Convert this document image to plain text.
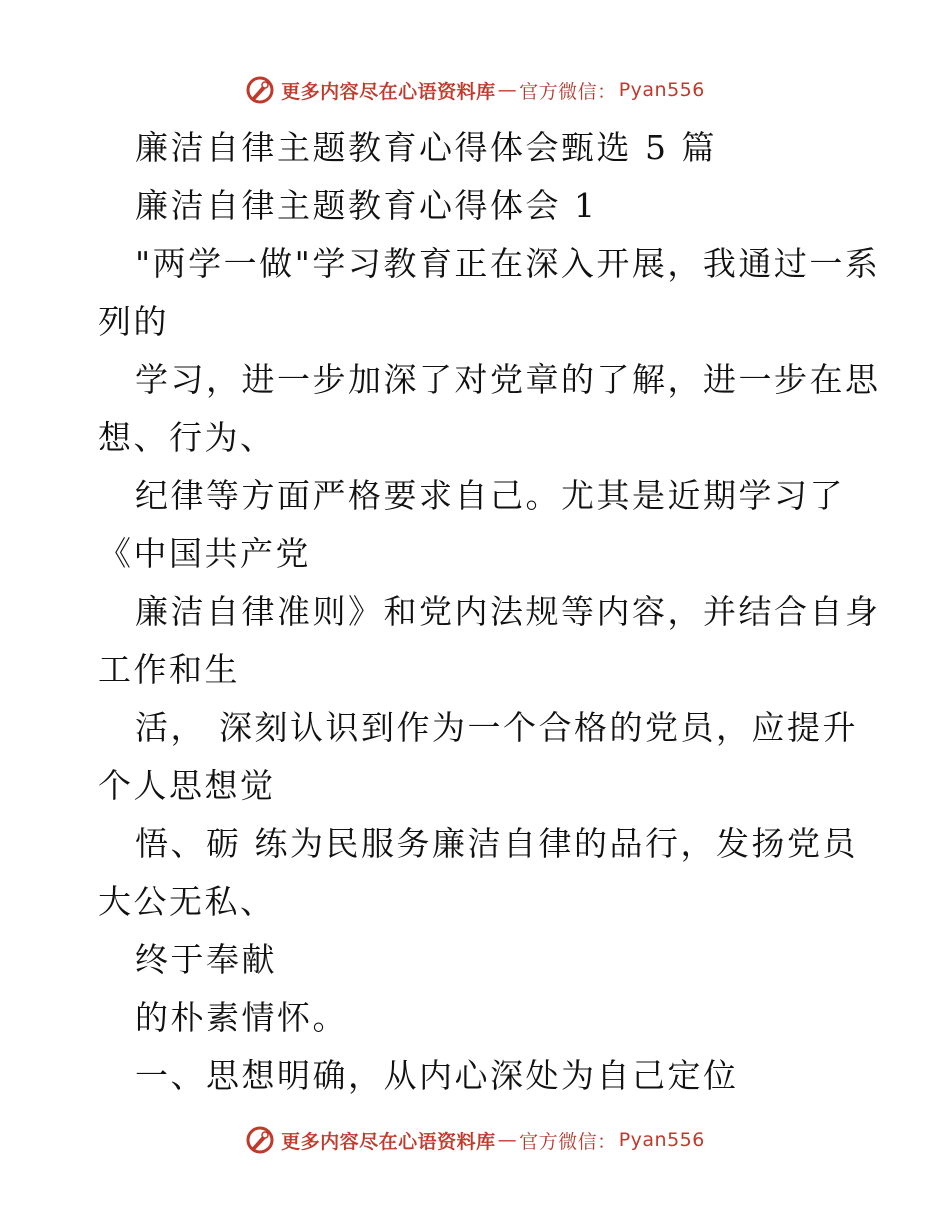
更多内容尽在心语资料库 — 官方微信： Pyan556
廉洁自律主题教育心得体会甄选 5 篇
廉洁自律主题教育心得体会 1
"两学一做"学习教育正在深入开展，我通过一系
列的
学习，进一步加深了对党章的了解，进一步在思
想、行为、
纪律等方面严格要求自己。尤其是近期学习了
《中国共产党
廉洁自律准则》和党内法规等内容，并结合自身
工作和生
活， 深刻认识到作为一个合格的党员，应提升
个人思想觉
悟、砺 练为民服务廉洁自律的品行，发扬党员
大公无私、
终于奉献
的朴素情怀。
一、思想明确，从内心深处为自己定位
更多内容尽在心语资料库 — 官方微信： Pyan556
